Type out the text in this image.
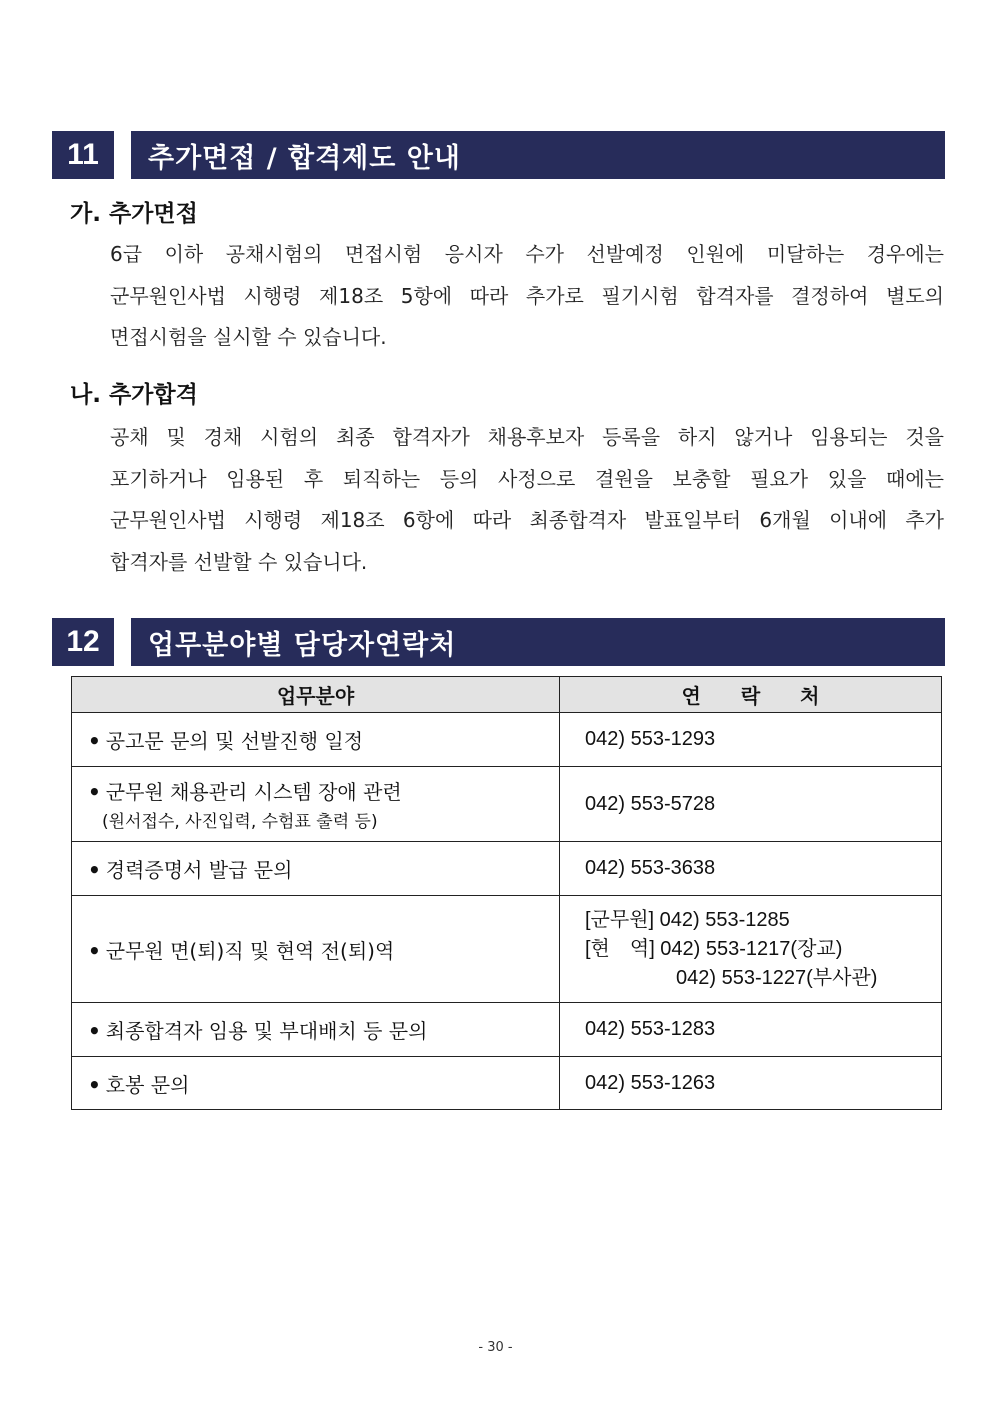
11	추가면접 / 합격제도 안내
가. 추가면접
6급 이하 공채시험의 면접시험 응시자 수가 선발예정 인원에 미달하는 경우에는
군무원인사법 시행령 제18조 5항에 따라 추가로 필기시험 합격자를 결정하여 별도의
면접시험을 실시할 수 있습니다.
나. 추가합격
공채 및 경채 시험의 최종 합격자가 채용후보자 등록을 하지 않거나 임용되는 것을
포기하거나 임용된 후 퇴직하는 등의 사정으로 결원을 보충할 필요가 있을 때에는
군무원인사법 시행령 제18조 6항에 따라 최종합격자 발표일부터 6개월 이내에 추가
합격자를 선발할 수 있습니다.
12	업무분야별 담당자연락처
업무분야	연　　락　　처
• 공고문 문의 및 선발진행 일정	042) 553-1293
• 군무원 채용관리 시스템 장애 관련
(원서접수, 사진입력, 수험표 출력 등)	042) 553-5728
• 경력증명서 발급 문의	042) 553-3638
• 군무원 면(퇴)직 및 현역 전(퇴)역	[군무원] 042) 553-1285
[현　역] 042) 553-1217(장교)
042) 553-1227(부사관)

• 최종합격자 임용 및 부대배치 등 문의	042) 553-1283
• 호봉 문의	042) 553-1263
- 30 -
